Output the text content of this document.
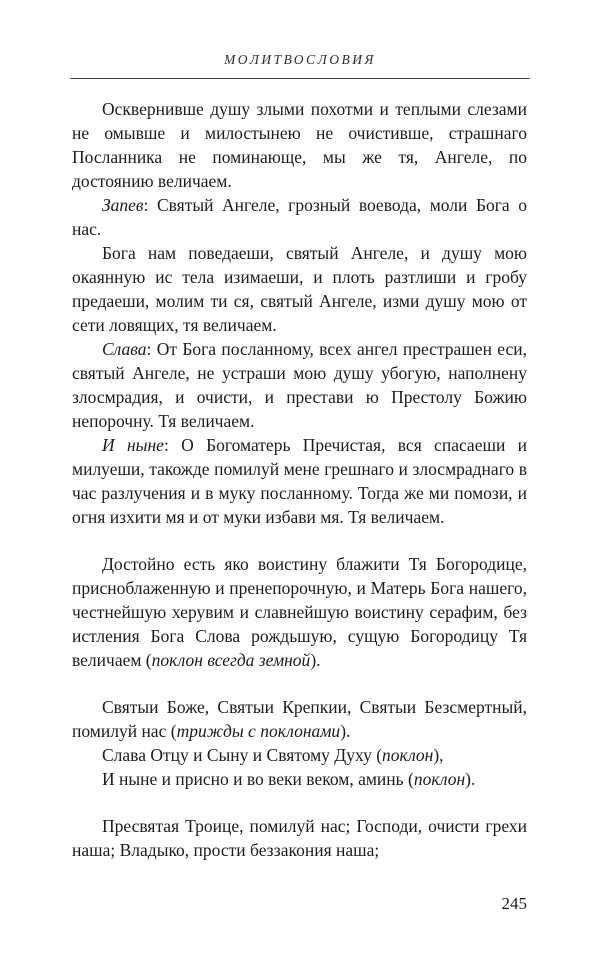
МОЛИТВОСЛОВИЯ

Осквернивше душу злыми похотми и теплыми слезами не омывше и милостынею не очистивше, страшнаго Посланника не поминающе, мы же тя, Ангеле, по достоянию величаем.

Запев: Святый Ангеле, грозный воевода, моли Бога о нас.

Бога нам поведаеши, святый Ангеле, и душу мою окаянную ис тела изимаеши, и плоть разтлиши и гробу предаеши, молим ти ся, святый Ангеле, изми душу мою от сети ловящих, тя величаем.

Слава: От Бога посланному, всех ангел престрашен еси, святый Ангеле, не устраши мою душу убогую, наполнену злосмрадия, и очисти, и престави ю Престолу Божию непорочну. Тя величаем.

И ныне: О Богоматерь Пречистая, вся спасаеши и милуеши, такожде помилуй мене грешнаго и злосмраднаго в час разлучения и в муку посланному. Тогда же ми помози, и огня изхити мя и от муки избави мя. Тя величаем.

Достойно есть яко воистину блажити Тя Богородице, присноблаженную и пренепорочную, и Матерь Бога нашего, честнейшую херувим и славнейшую воистину серафим, без истления Бога Слова рождьшую, сущую Богородицу Тя величаем (поклон всегда земной).

Святыи Боже, Святыи Крепкии, Святыи Безсмертный, помилуй нас (трижды с поклонами).

Слава Отцу и Сыну и Святому Духу (поклон),

И ныне и присно и во веки веком, аминь (поклон).

Пресвятая Троице, помилуй нас; Господи, очисти грехи наша; Владыко, прости беззакония наша;

245
